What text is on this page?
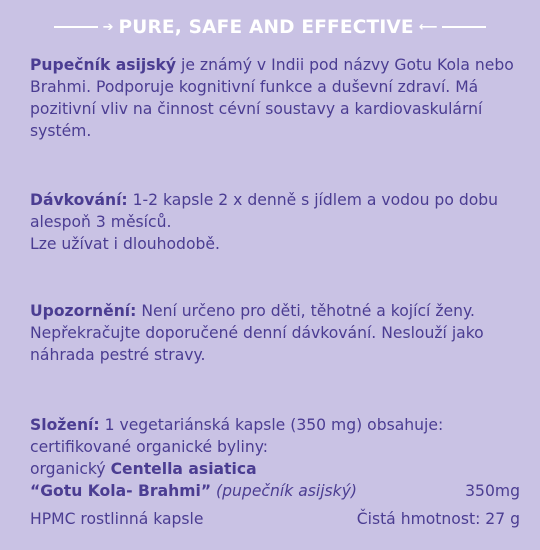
➔ PURE, SAFE AND EFFECTIVE ⟵

Pupečník asijský je známý v Indii pod názvy Gotu Kola nebo Brahmi. Podporuje kognitivní funkce a duševní zdraví. Má pozitivní vliv na činnost cévní soustavy a kardiovaskulární systém.

Dávkování: 1-2 kapsle 2 x denně s jídlem a vodou po dobu alespoň 3 měsíců.

Lze užívat i dlouhodobě.

Upozornění: Není určeno pro děti, těhotné a kojící ženy. Nepřekračujte doporučené denní dávkování. Neslouží jako náhrada pestré stravy.

Složení: 1 vegetariánská kapsle (350 mg) obsahuje:

certifikované organické byliny:

organický Centella asiatica

“Gotu Kola- Brahmi” (pupečník asijský)	350mg

HPMC rostlinná kapsle	Čistá hmotnost: 27 g
